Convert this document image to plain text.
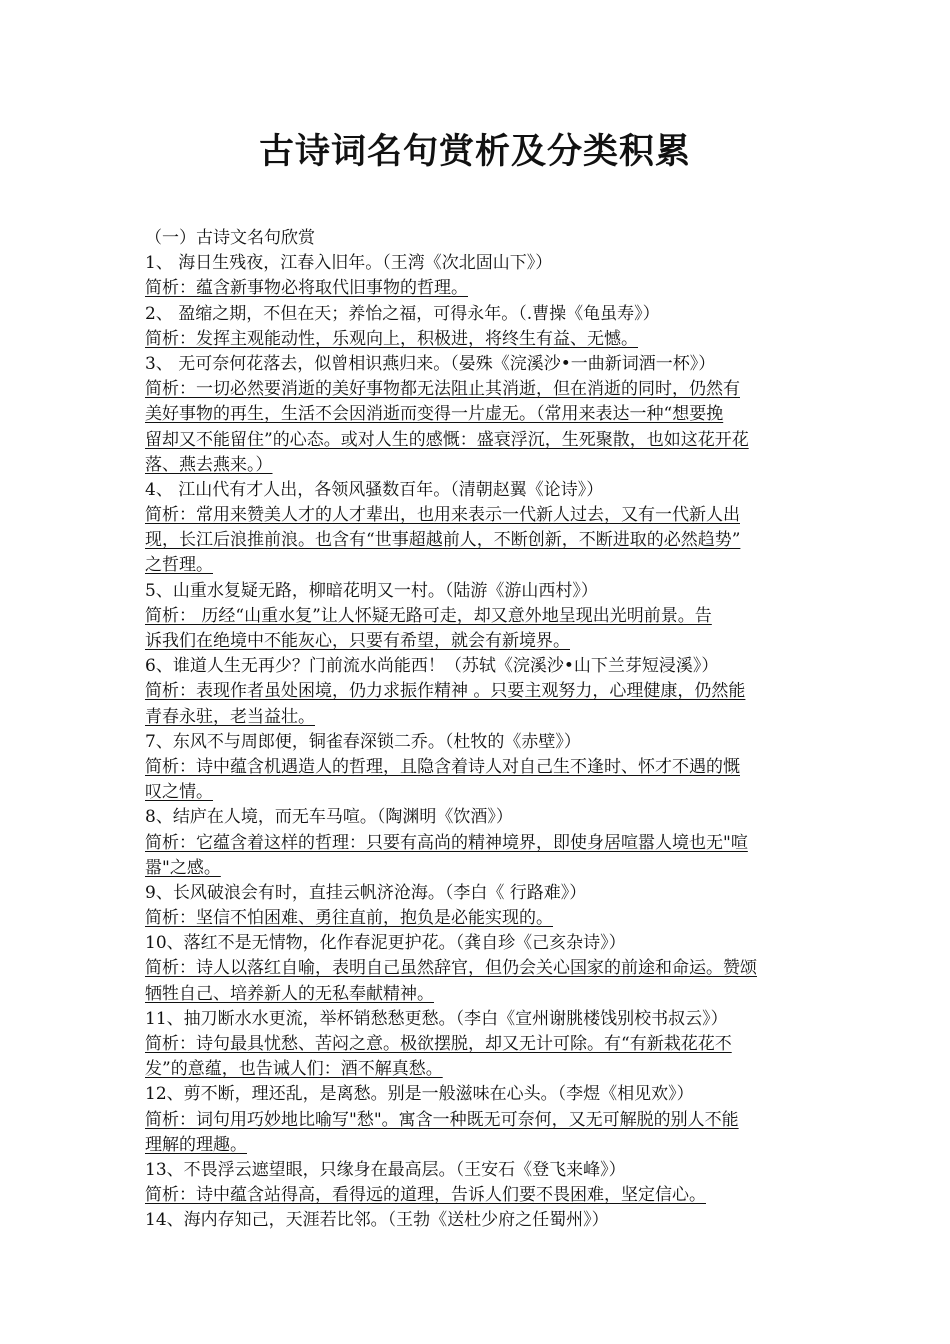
古诗词名句赏析及分类积累
（一）古诗文名句欣赏
1、 海日生残夜，江春入旧年。（王湾《次北固山下》）
简析：蕴含新事物必将取代旧事物的哲理。
2、 盈缩之期，不但在天；养怡之福，可得永年。（.曹操《龟虽寿》）
简析：发挥主观能动性，乐观向上，积极进，将终生有益、无憾。
3、 无可奈何花落去，似曾相识燕归来。（晏殊《浣溪沙•一曲新词酒一杯》）
简析：一切必然要消逝的美好事物都无法阻止其消逝，但在消逝的同时，仍然有
美好事物的再生，生活不会因消逝而变得一片虚无。（常用来表达一种“想要挽
留却又不能留住”的心态。或对人生的感慨：盛衰浮沉，生死聚散，也如这花开花
落、燕去燕来。）
4、 江山代有才人出，各领风骚数百年。（清朝赵翼《论诗》）
简析：常用来赞美人才的人才辈出，也用来表示一代新人过去，又有一代新人出
现，长江后浪推前浪。也含有“世事超越前人，不断创新，不断进取的必然趋势”
之哲理。
5、山重水复疑无路，柳暗花明又一村。（陆游《游山西村》）
简析： 历经“山重水复”让人怀疑无路可走，却又意外地呈现出光明前景。告
诉我们在绝境中不能灰心，只要有希望，就会有新境界。
6、谁道人生无再少？门前流水尚能西！（苏轼《浣溪沙•山下兰芽短浸溪》）
简析：表现作者虽处困境，仍力求振作精神 。只要主观努力，心理健康，仍然能
青春永驻，老当益壮。
7、东风不与周郎便，铜雀春深锁二乔。（杜牧的《赤壁》）
简析：诗中蕴含机遇造人的哲理，且隐含着诗人对自己生不逢时、怀才不遇的慨
叹之情。
8、结庐在人境，而无车马喧。（陶渊明《饮酒》）
简析：它蕴含着这样的哲理：只要有高尚的精神境界，即使身居喧嚣人境也无"喧
嚣"之感。
9、长风破浪会有时，直挂云帆济沧海。（李白《 行路难》）
简析：坚信不怕困难、勇往直前，抱负是必能实现的。
10、落红不是无情物，化作春泥更护花。（龚自珍《己亥杂诗》）
简析：诗人以落红自喻，表明自己虽然辞官，但仍会关心国家的前途和命运。赞颂
牺牲自己、培养新人的无私奉献精神。
11、抽刀断水水更流，举杯销愁愁更愁。（李白《宣州谢朓楼饯别校书叔云》）
简析：诗句最具忧愁、苦闷之意。极欲摆脱，却又无计可除。有“有新栽花花不
发”的意蕴，也告诫人们：酒不解真愁。
12、剪不断，理还乱，是离愁。别是一般滋味在心头。（李煜《相见欢》）
简析：词句用巧妙地比喻写"愁"。寓含一种既无可奈何，又无可解脱的别人不能
理解的理趣。
13、不畏浮云遮望眼，只缘身在最高层。（王安石《登飞来峰》）
简析：诗中蕴含站得高，看得远的道理，告诉人们要不畏困难，坚定信心。
14、海内存知己，天涯若比邻。（王勃《送杜少府之任蜀州》）
